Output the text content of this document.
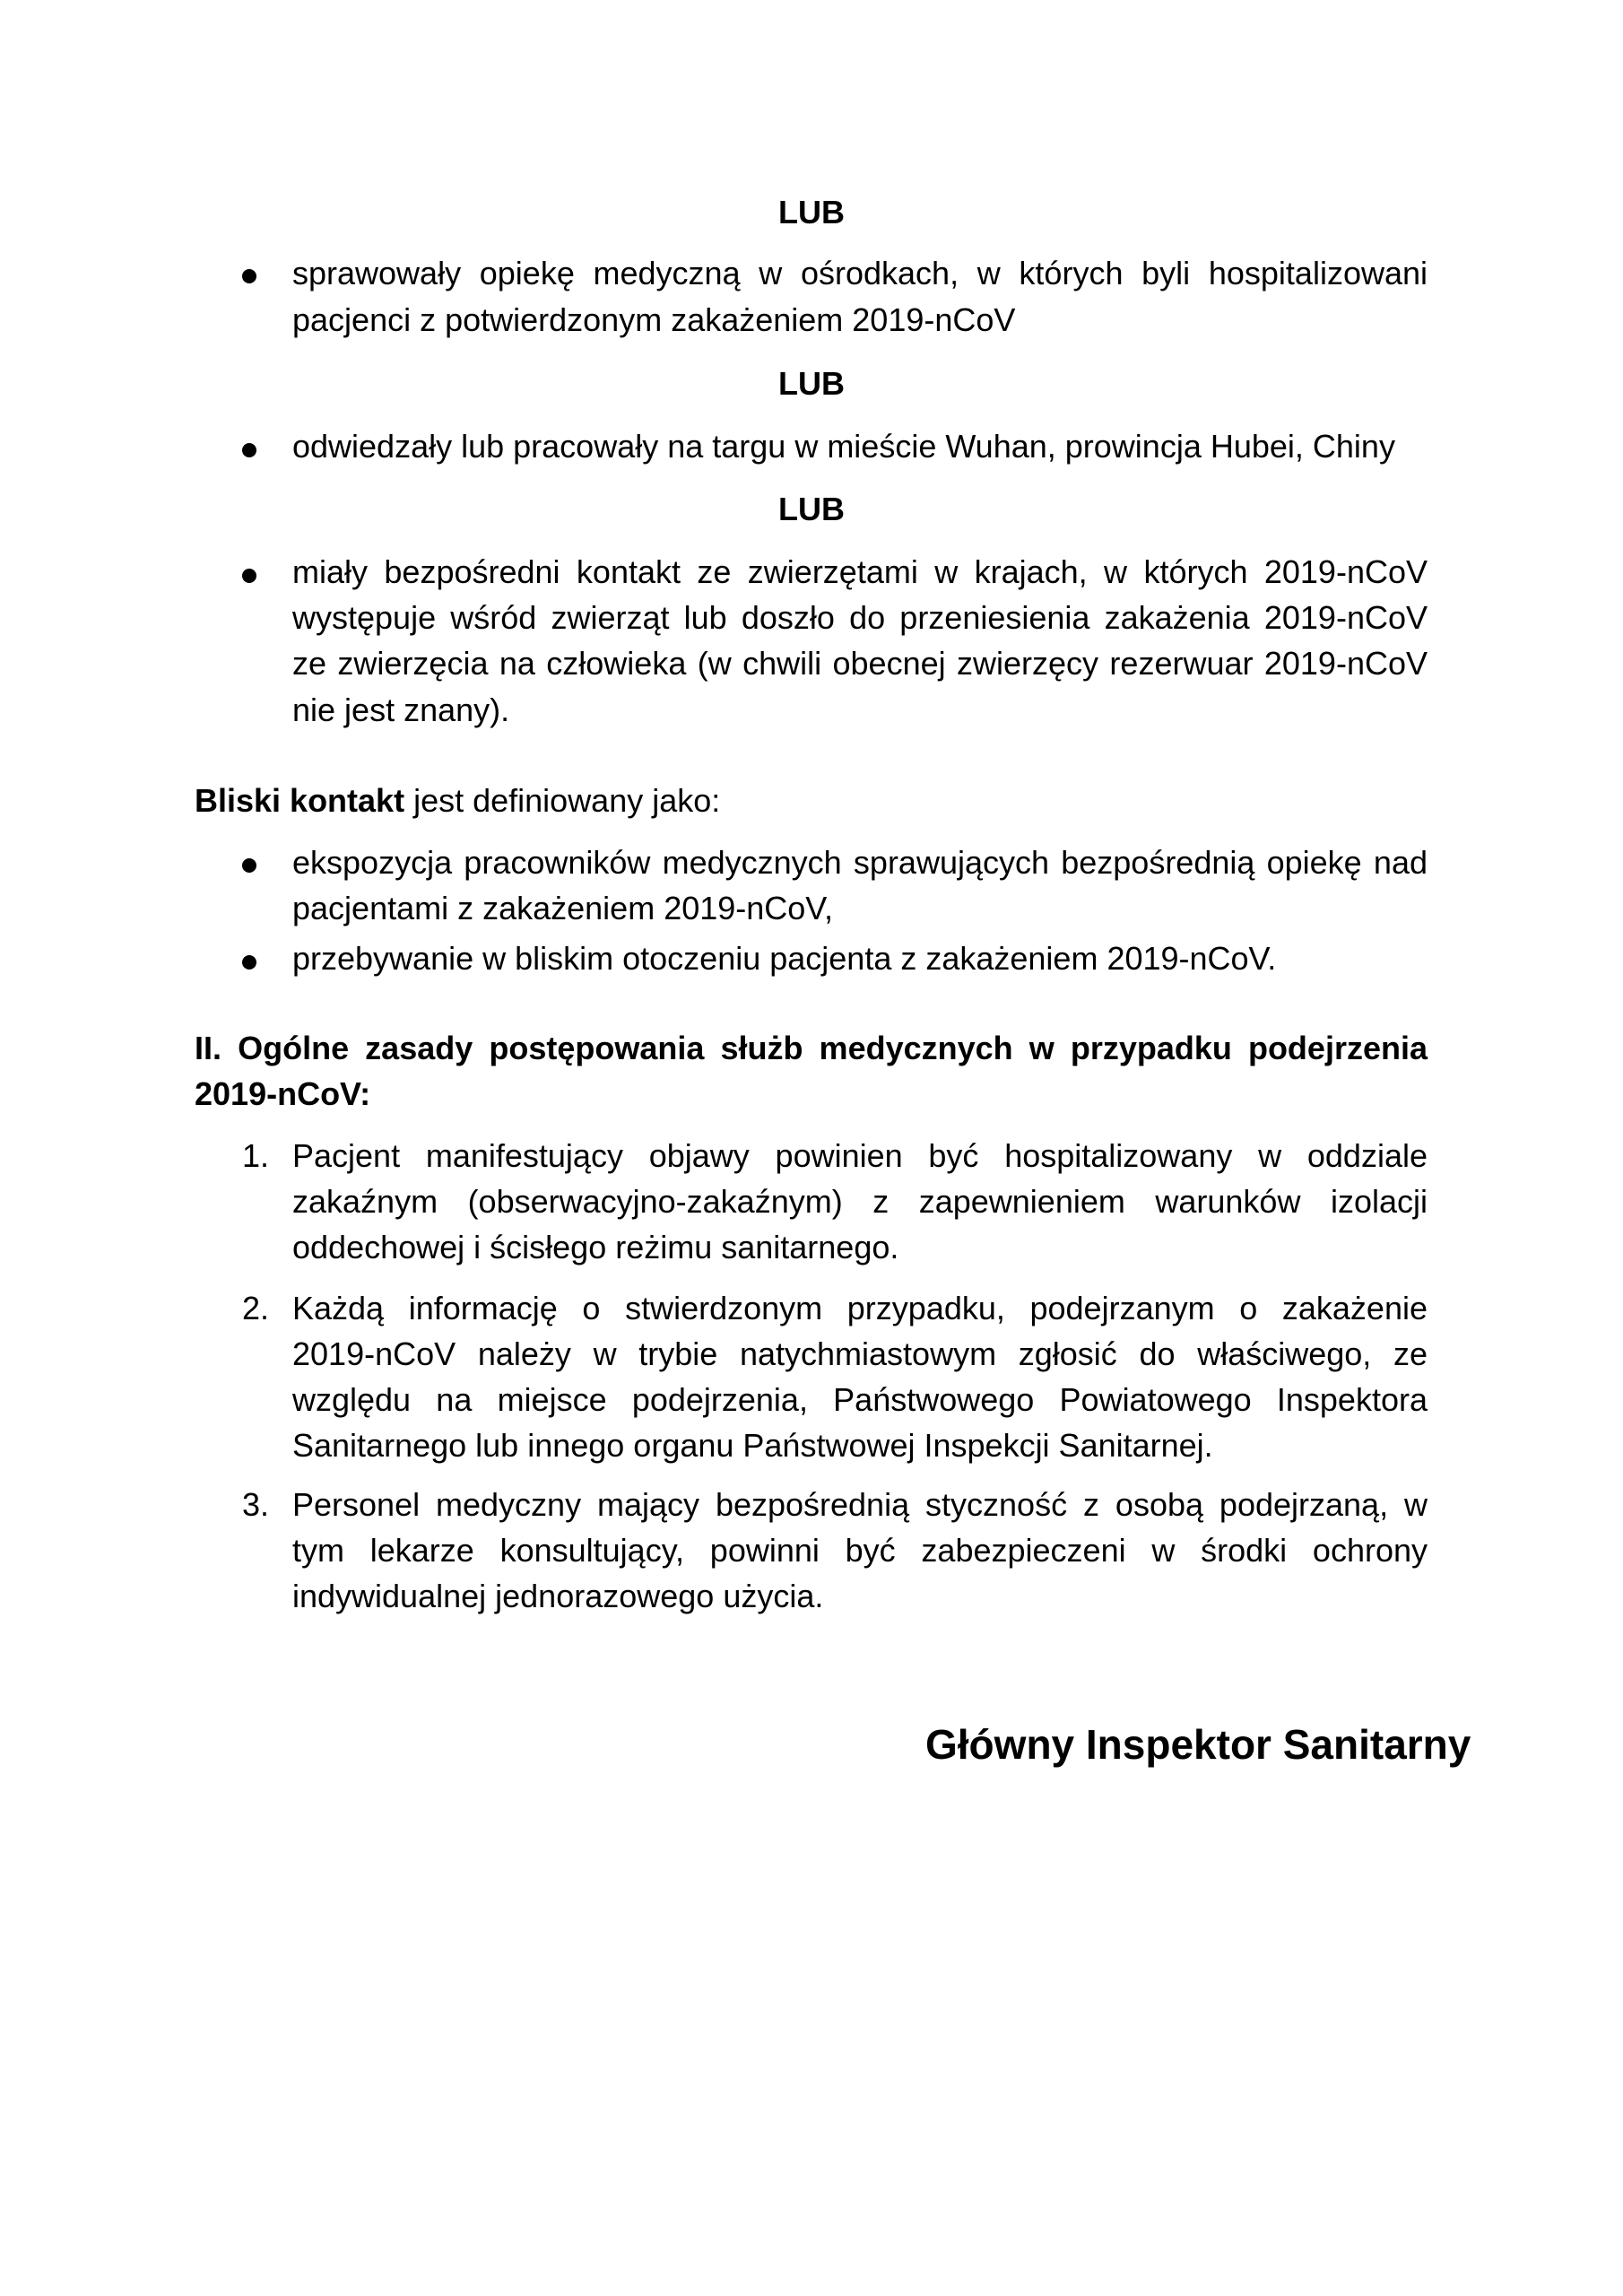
LUB
sprawowały opiekę medyczną w ośrodkach, w których byli hospitalizowani
pacjenci z potwierdzonym zakażeniem 2019-nCoV
LUB
odwiedzały lub pracowały na targu w mieście Wuhan, prowincja Hubei, Chiny
LUB
miały bezpośredni kontakt ze zwierzętami w krajach, w których 2019-nCoV
występuje wśród zwierząt lub doszło do przeniesienia zakażenia 2019-nCoV
ze zwierzęcia na człowieka (w chwili obecnej zwierzęcy rezerwuar 2019-nCoV
nie jest znany).
Bliski kontakt jest definiowany jako:
ekspozycja pracowników medycznych sprawujących bezpośrednią opiekę nad
pacjentami z zakażeniem 2019-nCoV,
przebywanie w bliskim otoczeniu pacjenta z zakażeniem 2019-nCoV.
II. Ogólne zasady postępowania służb medycznych w przypadku podejrzenia
2019-nCoV:
1. Pacjent manifestujący objawy powinien być hospitalizowany w oddziale
zakaźnym (obserwacyjno-zakaźnym) z zapewnieniem warunków izolacji
oddechowej i ścisłego reżimu sanitarnego.
2. Każdą informację o stwierdzonym przypadku, podejrzanym o zakażenie
2019-nCoV należy w trybie natychmiastowym zgłosić do właściwego, ze
względu na miejsce podejrzenia, Państwowego Powiatowego Inspektora
Sanitarnego lub innego organu Państwowej Inspekcji Sanitarnej.
3. Personel medyczny mający bezpośrednią styczność z osobą podejrzaną, w
tym lekarze konsultujący, powinni być zabezpieczeni w środki ochrony
indywidualnej jednorazowego użycia.
Główny Inspektor Sanitarny
